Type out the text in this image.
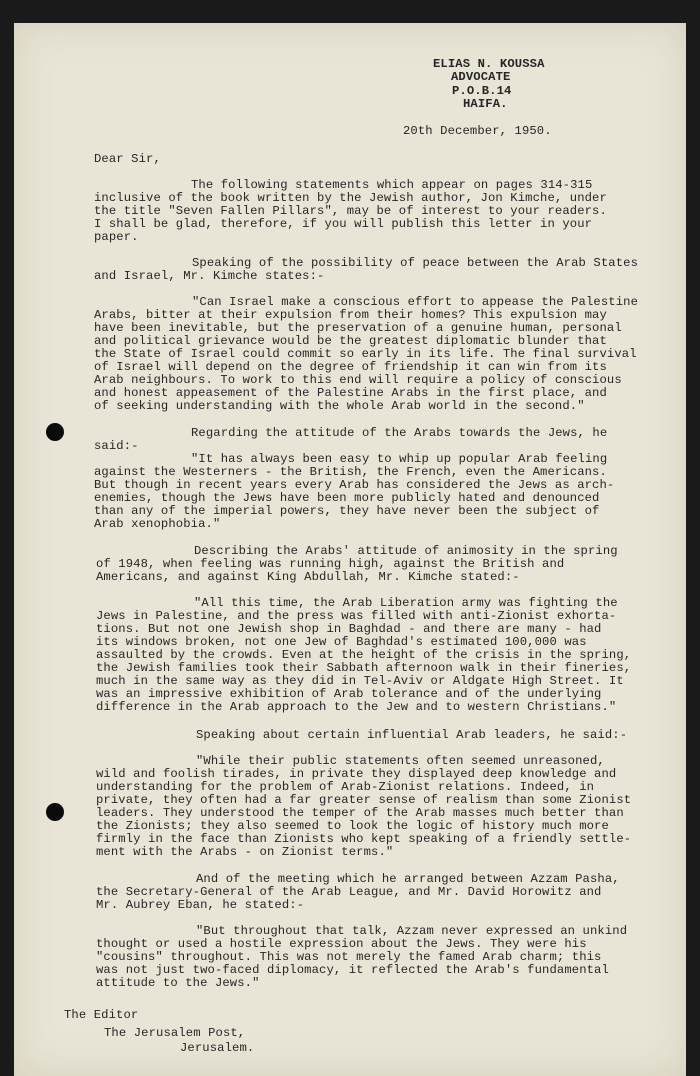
ELIAS N. KOUSSA
ADVOCATE
P.O.B.14
HAIFA.
20th December, 1950.
Dear Sir,
The following statements which appear on pages 314-315
inclusive of the book written by the Jewish author, Jon Kimche, under
the title "Seven Fallen Pillars", may be of interest to your readers.
I shall be glad, therefore, if you will publish this letter in your
paper.
Speaking of the possibility of peace between the Arab States
and Israel, Mr. Kimche states:-
"Can Israel make a conscious effort to appease the Palestine
Arabs, bitter at their expulsion from their homes? This expulsion may
have been inevitable, but the preservation of a genuine human, personal
and political grievance would be the greatest diplomatic blunder that
the State of Israel could commit so early in its life. The final survival
of Israel will depend on the degree of friendship it can win from its
Arab neighbours. To work to this end will require a policy of conscious
and honest appeasement of the Palestine Arabs in the first place, and
of seeking understanding with the whole Arab world in the second."
Regarding the attitude of the Arabs towards the Jews, he
said:-
"It has always been easy to whip up popular Arab feeling
against the Westerners - the British, the French, even the Americans.
But though in recent years every Arab has considered the Jews as arch-
enemies, though the Jews have been more publicly hated and denounced
than any of the imperial powers, they have never been the subject of
Arab xenophobia."
Describing the Arabs' attitude of animosity in the spring
of 1948, when feeling was running high, against the British and
Americans, and against King Abdullah, Mr. Kimche stated:-
"All this time, the Arab Liberation army was fighting the
Jews in Palestine, and the press was filled with anti-Zionist exhorta-
tions. But not one Jewish shop in Baghdad - and there are many - had
its windows broken, not one Jew of Baghdad's estimated 100,000 was
assaulted by the crowds. Even at the height of the crisis in the spring,
the Jewish families took their Sabbath afternoon walk in their fineries,
much in the same way as they did in Tel-Aviv or Aldgate High Street. It
was an impressive exhibition of Arab tolerance and of the underlying
difference in the Arab approach to the Jew and to western Christians."
Speaking about certain influential Arab leaders, he said:-
"While their public statements often seemed unreasoned,
wild and foolish tirades, in private they displayed deep knowledge and
understanding for the problem of Arab-Zionist relations. Indeed, in
private, they often had a far greater sense of realism than some Zionist
leaders. They understood the temper of the Arab masses much better than
the Zionists; they also seemed to look the logic of history much more
firmly in the face than Zionists who kept speaking of a friendly settle-
ment with the Arabs - on Zionist terms."
And of the meeting which he arranged between Azzam Pasha,
the Secretary-General of the Arab League, and Mr. David Horowitz and
Mr. Aubrey Eban, he stated:-
"But throughout that talk, Azzam never expressed an unkind
thought or used a hostile expression about the Jews. They were his
"cousins" throughout. This was not merely the famed Arab charm; this
was not just two-faced diplomacy, it reflected the Arab's fundamental
attitude to the Jews."
The Editor
The Jerusalem Post,
Jerusalem.
